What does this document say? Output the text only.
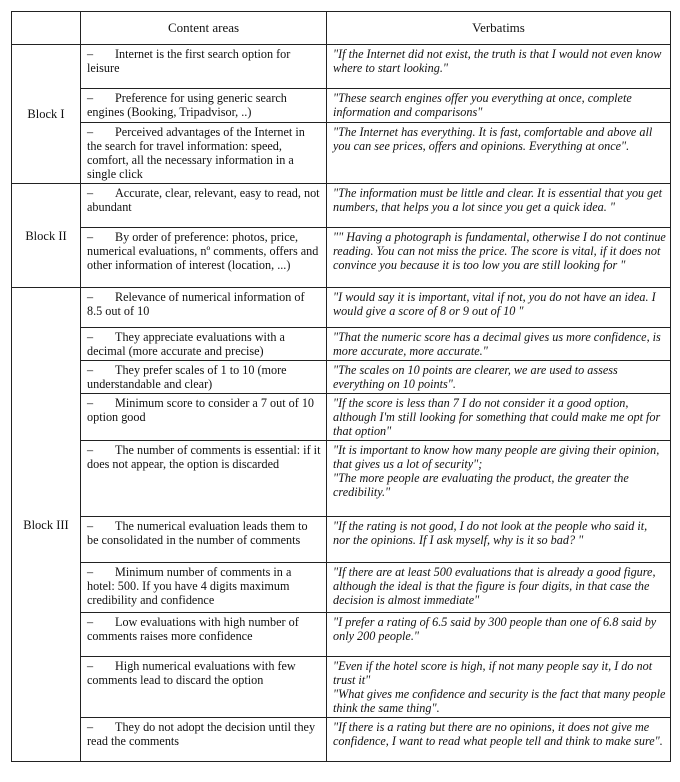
	Content areas	Verbatims
Block I	– Internet is the first search option for leisure	"If the Internet did not exist, the truth is that I would not even know where to start looking."

	– Preference for using generic search engines (Booking, Tripadvisor, ..)	"These search engines offer you everything at once, complete information and comparisons"

	– Perceived advantages of the Internet in the search for travel information: speed, comfort, all the necessary information in a single click	"The Internet has everything. It is fast, comfortable and above all you can see prices, offers and opinions. Everything at once".

Block II	– Accurate, clear, relevant, easy to read, not abundant	"The information must be little and clear. It is essential that you get numbers, that helps you a lot since you get a quick idea. "

	– By order of preference: photos, price, numerical evaluations, nº comments, offers and other information of interest (location, ...)	"" Having a photograph is fundamental, otherwise I do not continue reading. You can not miss the price. The score is vital, if it does not convince you because it is too low you are still looking for "

Block III	– Relevance of numerical information of 8.5 out of 10	"I would say it is important, vital if not, you do not have an idea. I would give a score of 8 or 9 out of 10 "

	– They appreciate evaluations with a decimal (more accurate and precise)	"That the numeric score has a decimal gives us more confidence, is more accurate, more accurate."

	– They prefer scales of 1 to 10 (more understandable and clear)	"The scales on 10 points are clearer, we are used to assess everything on 10 points".

	– Minimum score to consider a 7 out of 10 option good	"If the score is less than 7 I do not consider it a good option, although I'm still looking for something that could make me opt for that option"

	– The number of comments is essential: if it does not appear, the option is discarded	"It is important to know how many people are giving their opinion, that gives us a lot of security";
"The more people are evaluating the product, the greater the credibility."

	– The numerical evaluation leads them to be consolidated in the number of comments	"If the rating is not good, I do not look at the people who said it, nor the opinions. If I ask myself, why is it so bad? "

	– Minimum number of comments in a hotel: 500. If you have 4 digits maximum credibility and confidence	"If there are at least 500 evaluations that is already a good figure, although the ideal is that the figure is four digits, in that case the decision is almost immediate"

	– Low evaluations with high number of comments raises more confidence	"I prefer a rating of 6.5 said by 300 people than one of 6.8 said by only 200 people."

	– High numerical evaluations with few comments lead to discard the option	"Even if the hotel score is high, if not many people say it, I do not trust it"
"What gives me confidence and security is the fact that many people think the same thing".

	– They do not adopt the decision until they read the comments	"If there is a rating but there are no opinions, it does not give me confidence, I want to read what people tell and think to make sure".
